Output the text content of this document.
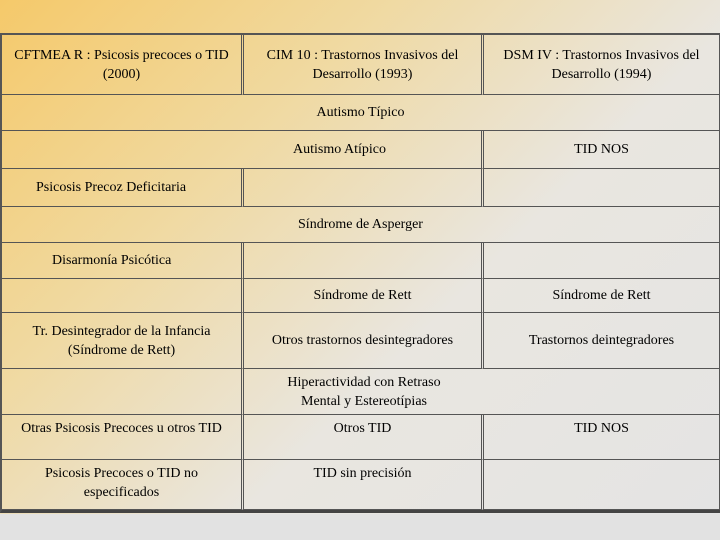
CFTMEA R : Psicosis precoces o TID (2000)	CIM 10 : Trastornos Invasivos del Desarrollo (1993)	DSM IV : Trastornos Invasivos del Desarrollo (1994)
Autismo Típico		
Autismo Atípico		TID NOS
Psicosis Precoz Deficitaria		
Síndrome de Asperger		
Disarmonía Psicótica		
	Síndrome de Rett	Síndrome de Rett
Tr. Desintegrador de la Infancia (Síndrome de Rett)	Otros trastornos desintegradores	Trastornos deintegradores
	Hiperactividad con Retraso Mental y Estereotípias	
Otras Psicosis Precoces u otros TID	Otros TID	TID NOS
Psicosis Precoces o TID no especificados	TID sin precisión	
